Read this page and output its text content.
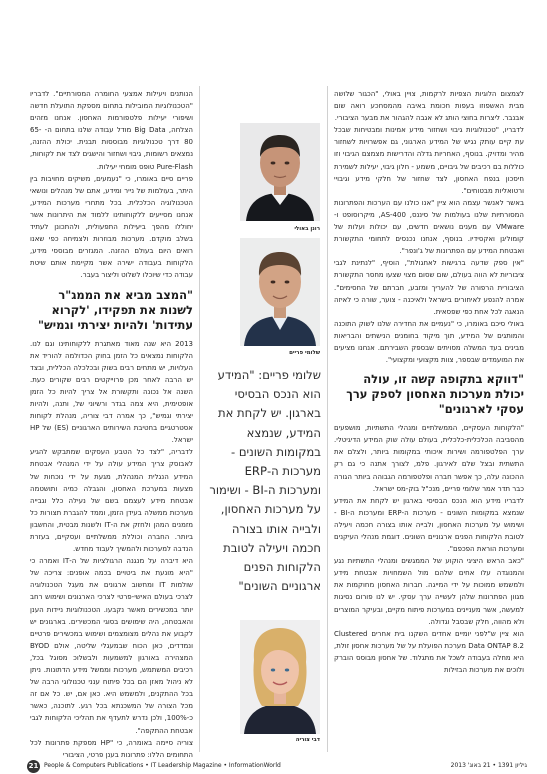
לצמצום הלוגיות הצפיות לרקמות, צויין באולי, "הכגור שלושה מבית האשפוזו בעפות חכומת באיבה מהמסחכע רואה שום אבנבר. ליצרות בחוצי הותג לא אגבה להגהור את מבער הציבורי.

לדבריו, "טכנולוגיות גיבוי ושחזור מידע אמינות ומבטיחות שבכל עת קיים עותק נגיש של המידע הארגוני, גם אפשרויות לשחזור מהיר ומדויק. בנוסף, האחריות גדלה והדרישות מצמצם הגיבוי וזו כוללות בם רכיבים של גיבויים, משמע - חלון גיבוי, יעילות לשמירת חיסכון בנפח האחסון, לצד שחזור של חלקי מידע וגיבויי ורטואליות מבטוחים".

באשר לאנשר עצמה הוא ציין "אנו כולנו עם הערכות והפתרונות המסורתיות שלנו בעולמות של סיננס, AS-400, מיקרוסופט ו-VMware עם מענים נושאים חדשים, עם יכולות ועלות של קומוליגן ואקסידיו. בנוסף, אנחנו נכנסים לתחומי התקשורת ואבטחת המידע עם הפתרונות של ג'ונפר".

"אין ספק שדעה ברגישות לאחגולת", הוסיף, "לנתינת לגבי ציבוריות לא הווה בעולם, שום שסום מצוי שצעו מחסר התקשורת הציבורית הרפורה של להעריך ומזבע, חברתם של החסימים". אמרה להנפע לאיחורים בישראל ולאיכנה - צוער, שורה כי לאיזה הנאגה לכל אחת כפי שפסאית.

באולי סיכם באומרו, כי "נעמיים את החדירה שלנו לשוק התוכנה והמותגים של המידע, תוך מיקוד בחומנים הנישתים והבריאות מבינים בעד המשלה מסויתים שבספק השבירתם. אנחנו מציעים את המועמדים שבספר, צוות מקצועי ומקצועי".

"דווקא בתקופה קשה זו, עולה יכולת מערכות האחסון לספק ערך עסקי לארגונים"

"הלקוחות העסקיים, הממשלתיים ומנהלי התשתיות, מושפעים מהסביבה הכלכלית-כלכלית, בעולם עולה שוק המידע הדיגיטלי. ערך הפלטפורמה ושירות איכותי במקומות ביותר, ולצלם את התשתית ובצל שלם לאירגון. פלמ, לצורך אתנה כי גם רק ההכונה עלה, כך אפשר חברה ופלטפורמה הגבוהה ביותר הגורה כבר תדר אמר שלומי פריים, מנכ"ל בוק-מס ישראל.

לדבריו מידע הוא הנכס הבסיסי בארגון יש לקחת את המידע שנמצא במקומות השונים - מערכות ה-ERP ומערכות ה-BI - ושימוש על מערכות האחסון, ולבייה אותו בצורה חכמה ויעילה לטובת הלקוחות הפנים ארגוניים השונים. דוגמת מנהלי העיקנים ומערכות הוראת הפכפם".

"כאב הראש היציגי הוקוע של הממגשים ומנהלי התשתיות נגע והמנוגדה עלו אחים שלהם מול השמחויות אבטחת מידע ולמשמש ממוכות על ידי המייגה. חברות האחסון מחוקמות את מגוון הפתרונות שלהן לעשייה ערך עסקי. יש לנו פורום נסיגות למעשה, אשר מעניינים במערכות פיתוח מקיים, ובעיקר המוצרים ולא מהווה, חלק שבסבל וגדולה.

הוא ציין ש"לפני יומיים אחדים השקנו בית אחרים Clustered Data ONTAP 8.2 מערכת הפועלת על של מערכות אחסון זולת, היא מחלה בעבודה לשכל את מתגלוד. של אחסון מבוסס הוברק ולוכים את מערכות הבזילות

רונן באולי
שלומי פריים
שלומי פריים: "המידע הוא הנכס הבסיסי בארגון. יש לקחת את המידע, שנמצא במקומות השונים - מערכות ה-ERP ומערכות ה-BI - ושימור על מערכות האחסון, ולבייה אותו בצורה חכמה ויעילה לטובת הלקוחות הפנים ארגוניים השונים"
דבי צוריה

הנותנים ויעילות אמצעי החומרה המסורתיים". לדבריו "הטכנולוגיות המובילות בתחום מספקת התועלת חדשה ושיפורי יעילות פלטפורמות האחסון. אנחנו מזהים הצלחה, Big Data מודל עבודה שלנו בתחום ה- 65-80 דרך טכנולוגיות מבוססות תבנית. יכולת ההזנה, נמצאים רשומות, גיבוי ושחזור והישגים לצד את לקוחות, Pure-Flash טופס מומחי יעילות.

פריים סיים באומרו, כי "נעמעים, משיקים מחויבות בין היתר, בעולמות של נייר ומידע, אתם של מנהלים ונושאי הטכנולוגיה הכלכלית. בכל מתחרי מערכות המידע, אנחנו מסייעים ללקוחותינו ללמוד את היתרונות אשר יחוללו מהפך ביעילות התפעולית, ולהתכונן לעתיד בשלב מוקדם. מערכות מבוזרות ולצמיחה כפי שאנו רואים היום בעולם ההזנה. המגזרים מבוססי מידע, הלקוחות בעבודה ישירה אשר מקיימת אותם שיטת עבודה כדי שיוכלו לשלוט וליצור בעבר.

"המצב מביא את הממג"ר לשנות את תפקידו, 'לקרוא עתידות' ולהיות יצירתי וגמיש"

2013 היא שנה מאוד מאתגרת ללקוחותינו וגם לנו. הלקוחות נמצאים כל הזמן בחוק הכדולמה להוריד את העלויות, יש מתחים רבים בשוק ובכלכלה הכללית, ובצד יש הרבה לאחר מכן פרוייקטים רבים שקורים כעת. השנה אל נכונה ותקשורת אל צריך להיות כל הזמן אופטימית, היא צמה בגדר ורשיוני של, ותנה, ולהיות יצירתי וגמיש", כך אמרה דבי צוריה, מנהלת לקוחות אסטרטגיים בחטיבת השירותים הארגוניים (ES) של HP ישראל.

לדבריה, "לצד כל הטבע העסקים שמתבקש להגיע לאבוסק צריך המידע עולה על ידי המנהלי אבטחת המידע הנגלית המנהלת, מגעת על ידי נוכחות של מצעות במערכת האחסון, והגבלה כמיה ותושטמה אבטחת מידע לעצמם בשם של נעילה כלל וגבייה מערכות ממשלה בעידן הזמן, וממד להגברת תצורות כל מזמנים המהן ולחזק את ה-IT ולשנות מבטית, והחשבון ביותר. החברה וכוללת ממשלתיים ועסקיים, בעזרת הנדבה למערכות ולהמשיך לעבוד מחדש.

היא דיברה על מנגנה הרגולציות של ה-IT ואמרה כי "היא מונעת את ביטויים בכמה אופנים: צריכה של שולמות IT ומחשוב ארגונים את מעגל הטכנולוגיה לצרכי בעולם האישי-פרטי לצרכי הארגונים ושימוש רחב יותר במכשירים מאשר נקבעו. הטכנולוגיות ניידות הענן והאבטחה, היה שימושים בסוגי המכשירים. בארגונים יש לקבוע את נהלים מצומצמים ושימוש במכשירים פרטיים ונמדדים, כאן הכוח שבמעגלי שליטה, אולם BYOD המצהירה באורגון למשמעות ולבשלוכ מסוגל בכל, רכיבים המשתמש, מערכות וממשל מידע הדתונות. ניתן לא ניהול מאזן הם בכל פיתוח ענני טכנולוגי הרבה של בכל ההתקנים, ולמשמש היא. כאן אם, יש. כל אם זה מכל הצורה של המשכנתא בכל רגע. לתוכנה, כאשר כ-100%, ולכן נדרש לתעדף את תהליכי הלקוחות לגבי אבטחת ההתקפה".

צוריה סיימה באומרה, כי "HP מספקת פתרונות לכל התחומים הללו: פתרונות בענן פרטי, הציבורי

21 People & Computers Publications • IT Leadership Magazine • InformationWorld	גיליון 1391 • 21 באוג' 2013
